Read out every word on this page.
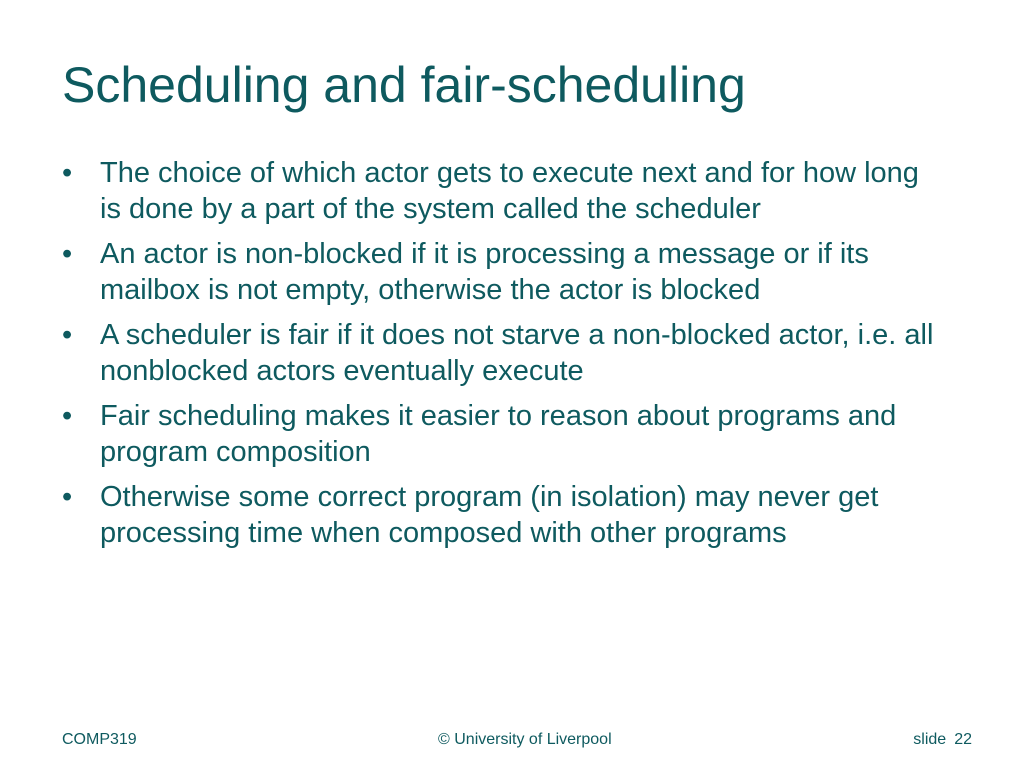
Scheduling and fair-scheduling
• The choice of which actor gets to execute next and for how long is done by a part of the system called the scheduler
• An actor is non-blocked if it is processing a message or if its mailbox is not empty, otherwise the actor is blocked
• A scheduler is fair if it does not starve a non-blocked actor, i.e. all nonblocked actors eventually execute
• Fair scheduling makes it easier to reason about programs and program composition
• Otherwise some correct program (in isolation) may never get processing time when composed with other programs
COMP319	© University of Liverpool	slide 22
